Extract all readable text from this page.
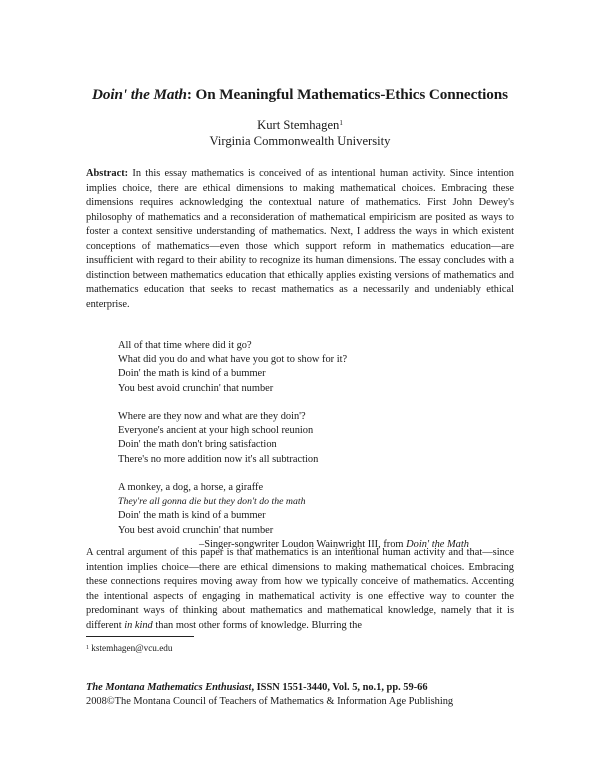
Doin' the Math: On Meaningful Mathematics-Ethics Connections
Kurt Stemhagen$^1$
Virginia Commonwealth University
Abstract: In this essay mathematics is conceived of as intentional human activity. Since intention implies choice, there are ethical dimensions to making mathematical choices. Embracing these dimensions requires acknowledging the contextual nature of mathematics. First John Dewey's philosophy of mathematics and a reconsideration of mathematical empiricism are posited as ways to foster a context sensitive understanding of mathematics. Next, I address the ways in which existent conceptions of mathematics—even those which support reform in mathematics education—are insufficient with regard to their ability to recognize its human dimensions. The essay concludes with a distinction between mathematics education that ethically applies existing versions of mathematics and mathematics education that seeks to recast mathematics as a necessarily and undeniably ethical enterprise.
All of that time where did it go?
What did you do and what have you got to show for it?
Doin' the math is kind of a bummer
You best avoid crunchin' that number
Where are they now and what are they doin'?
Everyone's ancient at your high school reunion
Doin' the math don't bring satisfaction
There's no more addition now it's all subtraction
A monkey, a dog, a horse, a giraffe
They're all gonna die but they don't do the math
Doin' the math is kind of a bummer
You best avoid crunchin' that number
–Singer-songwriter Loudon Wainwright III, from Doin' the Math
A central argument of this paper is that mathematics is an intentional human activity and that—since intention implies choice—there are ethical dimensions to making mathematical choices. Embracing these connections requires moving away from how we typically conceive of mathematics. Accenting the intentional aspects of engaging in mathematical activity is one effective way to counter the predominant ways of thinking about mathematics and mathematical knowledge, namely that it is different in kind than most other forms of knowledge. Blurring the
$^1$ kstemhagen@vcu.edu
The Montana Mathematics Enthusiast, ISSN 1551-3440, Vol. 5, no.1, pp. 59-66
2008©The Montana Council of Teachers of Mathematics & Information Age Publishing
